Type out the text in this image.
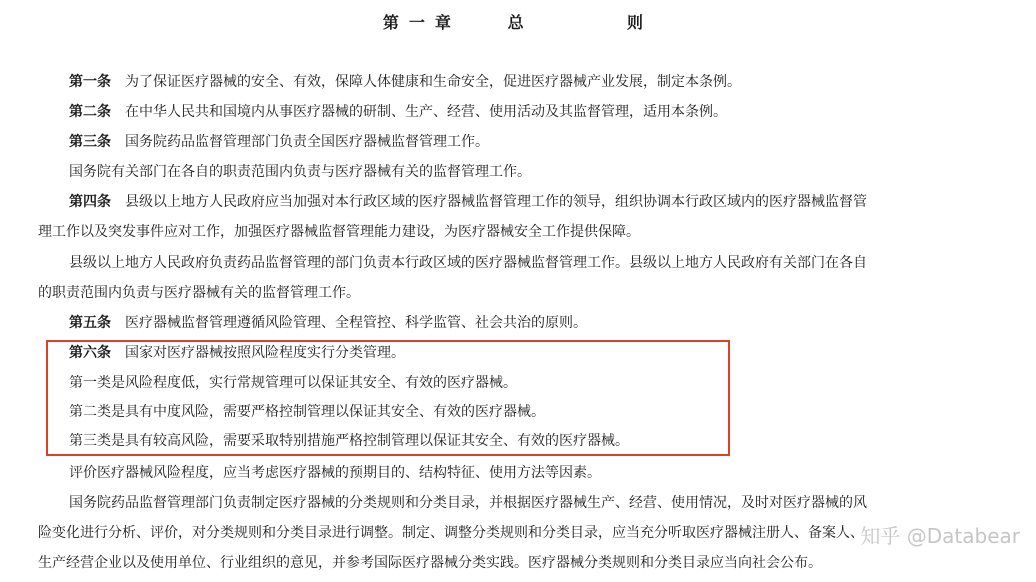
第一章   总      则
第一条 为了保证医疗器械的安全、有效，保障人体健康和生命安全，促进医疗器械产业发展，制定本条例。
第二条 在中华人民共和国境内从事医疗器械的研制、生产、经营、使用活动及其监督管理，适用本条例。
第三条 国务院药品监督管理部门负责全国医疗器械监督管理工作。
国务院有关部门在各自的职责范围内负责与医疗器械有关的监督管理工作。
第四条 县级以上地方人民政府应当加强对本行政区域的医疗器械监督管理工作的领导，组织协调本行政区域内的医疗器械监督管
理工作以及突发事件应对工作，加强医疗器械监督管理能力建设，为医疗器械安全工作提供保障。
县级以上地方人民政府负责药品监督管理的部门负责本行政区域的医疗器械监督管理工作。县级以上地方人民政府有关部门在各自
的职责范围内负责与医疗器械有关的监督管理工作。
第五条 医疗器械监督管理遵循风险管理、全程管控、科学监管、社会共治的原则。
第六条 国家对医疗器械按照风险程度实行分类管理。
第一类是风险程度低，实行常规管理可以保证其安全、有效的医疗器械。
第二类是具有中度风险，需要严格控制管理以保证其安全、有效的医疗器械。
第三类是具有较高风险，需要采取特别措施严格控制管理以保证其安全、有效的医疗器械。
评价医疗器械风险程度，应当考虑医疗器械的预期目的、结构特征、使用方法等因素。
国务院药品监督管理部门负责制定医疗器械的分类规则和分类目录，并根据医疗器械生产、经营、使用情况，及时对医疗器械的风
险变化进行分析、评价，对分类规则和分类目录进行调整。制定、调整分类规则和分类目录，应当充分听取医疗器械注册人、备案人、
生产经营企业以及使用单位、行业组织的意见，并参考国际医疗器械分类实践。医疗器械分类规则和分类目录应当向社会公布。
知乎 @Databear
